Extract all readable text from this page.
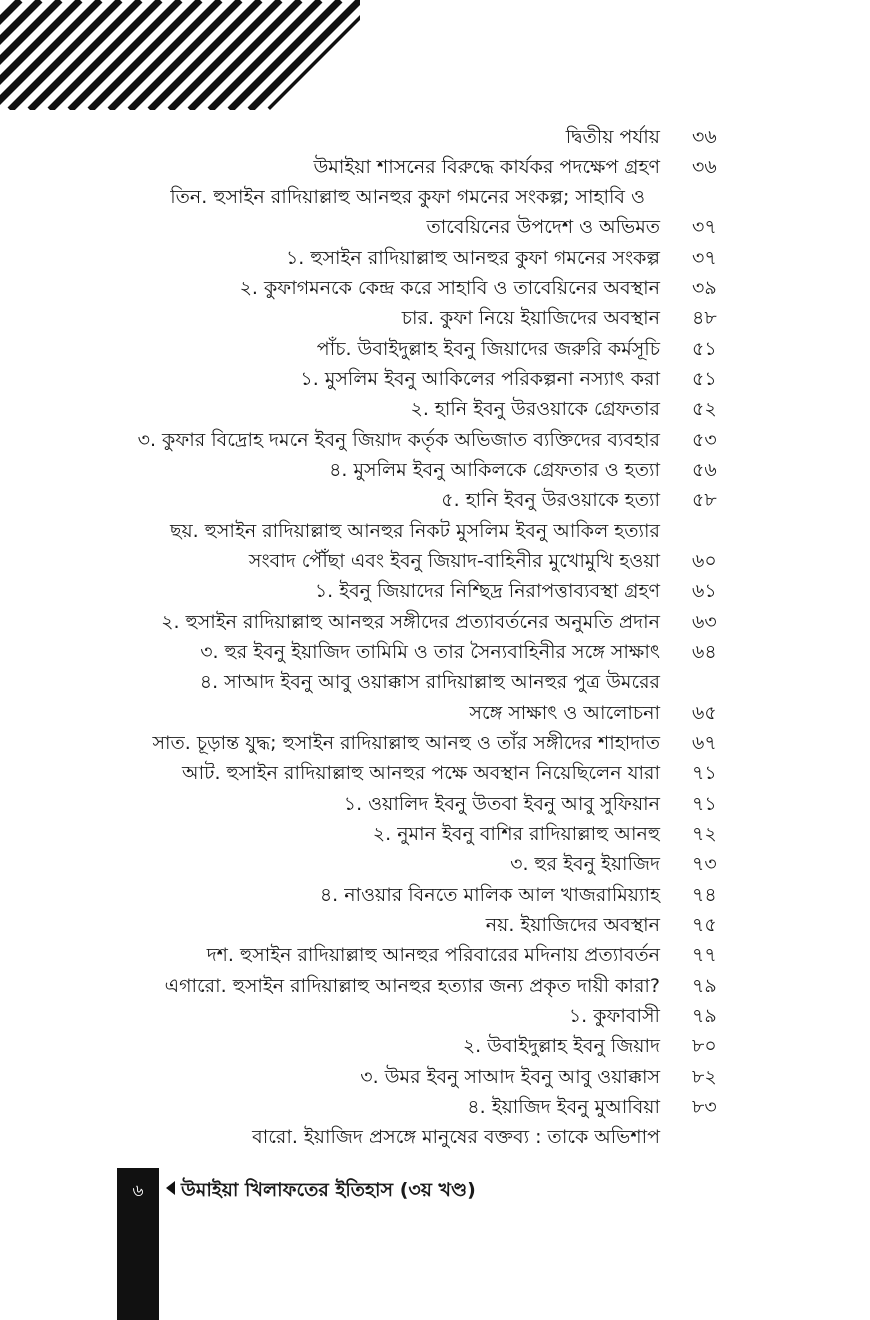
দ্বিতীয় পর্যায় ৩৬
উমাইয়া শাসনের বিরুদ্ধে কার্যকর পদক্ষেপ গ্রহণ ৩৬
তিন. হুসাইন রাদিয়াল্লাহু আনহুর কুফা গমনের সংকল্প; সাহাবি ও
তাবেয়িনের উপদেশ ও অভিমত ৩৭
১. হুসাইন রাদিয়াল্লাহু আনহুর কুফা গমনের সংকল্প ৩৭
২. কুফাগমনকে কেন্দ্র করে সাহাবি ও তাবেয়িনের অবস্থান ৩৯
চার. কুফা নিয়ে ইয়াজিদের অবস্থান ৪৮
পাঁচ. উবাইদুল্লাহ ইবনু জিয়াদের জরুরি কর্মসূচি ৫১
১. মুসলিম ইবনু আকিলের পরিকল্পনা নস্যাৎ করা ৫১
২. হানি ইবনু উরওয়াকে গ্রেফতার ৫২
৩. কুফার বিদ্রোহ দমনে ইবনু জিয়াদ কর্তৃক অভিজাত ব্যক্তিদের ব্যবহার ৫৩
৪. মুসলিম ইবনু আকিলকে গ্রেফতার ও হত্যা ৫৬
৫. হানি ইবনু উরওয়াকে হত্যা ৫৮
ছয়. হুসাইন রাদিয়াল্লাহু আনহুর নিকট মুসলিম ইবনু আকিল হত্যার
সংবাদ পৌঁছা এবং ইবনু জিয়াদ-বাহিনীর মুখোমুখি হওয়া ৬০
১. ইবনু জিয়াদের নিশ্ছিদ্র নিরাপত্তাব্যবস্থা গ্রহণ ৬১
২. হুসাইন রাদিয়াল্লাহু আনহুর সঙ্গীদের প্রত্যাবর্তনের অনুমতি প্রদান ৬৩
৩. হুর ইবনু ইয়াজিদ তামিমি ও তার সৈন্যবাহিনীর সঙ্গে সাক্ষাৎ ৬৪
৪. সাআদ ইবনু আবু ওয়াক্কাস রাদিয়াল্লাহু আনহুর পুত্র উমরের
সঙ্গে সাক্ষাৎ ও আলোচনা ৬৫
সাত. চূড়ান্ত যুদ্ধ; হুসাইন রাদিয়াল্লাহু আনহু ও তাঁর সঙ্গীদের শাহাদাত ৬৭
আট. হুসাইন রাদিয়াল্লাহু আনহুর পক্ষে অবস্থান নিয়েছিলেন যারা ৭১
১. ওয়ালিদ ইবনু উতবা ইবনু আবু সুফিয়ান ৭১
২. নুমান ইবনু বাশির রাদিয়াল্লাহু আনহু ৭২
৩. হুর ইবনু ইয়াজিদ ৭৩
৪. নাওয়ার বিনতে মালিক আল খাজরামিয়্যাহ ৭৪
নয়. ইয়াজিদের অবস্থান ৭৫
দশ. হুসাইন রাদিয়াল্লাহু আনহুর পরিবারের মদিনায় প্রত্যাবর্তন ৭৭
এগারো. হুসাইন রাদিয়াল্লাহু আনহুর হত্যার জন্য প্রকৃত দায়ী কারা? ৭৯
১. কুফাবাসী ৭৯
২. উবাইদুল্লাহ ইবনু জিয়াদ ৮০
৩. উমর ইবনু সাআদ ইবনু আবু ওয়াক্কাস ৮২
৪. ইয়াজিদ ইবনু মুআবিয়া ৮৩
বারো. ইয়াজিদ প্রসঙ্গে মানুষের বক্তব্য : তাকে অভিশাপ
৬	উমাইয়া খিলাফতের ইতিহাস (৩য় খণ্ড)
